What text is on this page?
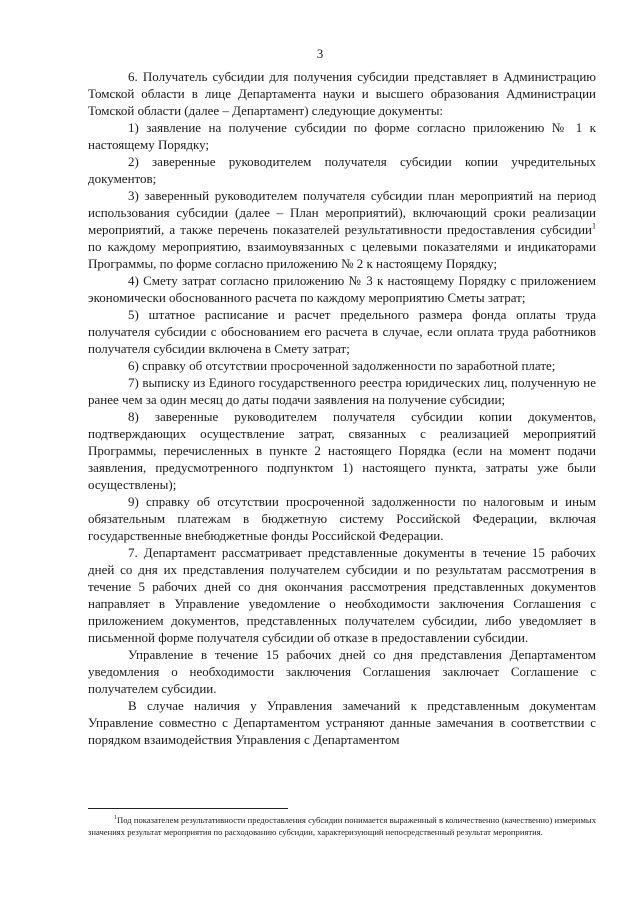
3

6. Получатель субсидии для получения субсидии представляет в Администрацию Томской области в лице Департамента науки и высшего образования Администрации Томской области (далее – Департамент) следующие документы:

1) заявление на получение субсидии по форме согласно приложению № 1 к настоящему Порядку;

2) заверенные руководителем получателя субсидии копии учредительных документов;

3) заверенный руководителем получателя субсидии план мероприятий на период использования субсидии (далее – План мероприятий), включающий сроки реализации мероприятий, а также перечень показателей результативности предоставления субсидии$^1$ по каждому мероприятию, взаимоувязанных с целевыми показателями и индикаторами Программы, по форме согласно приложению № 2 к настоящему Порядку;

4) Смету затрат согласно приложению № 3 к настоящему Порядку с приложением экономически обоснованного расчета по каждому мероприятию Сметы затрат;

5) штатное расписание и расчет предельного размера фонда оплаты труда получателя субсидии с обоснованием его расчета в случае, если оплата труда работников получателя субсидии включена в Смету затрат;

6) справку об отсутствии просроченной задолженности по заработной плате;

7) выписку из Единого государственного реестра юридических лиц, полученную не ранее чем за один месяц до даты подачи заявления на получение субсидии;

8) заверенные руководителем получателя субсидии копии документов, подтверждающих осуществление затрат, связанных с реализацией мероприятий Программы, перечисленных в пункте 2 настоящего Порядка (если на момент подачи заявления, предусмотренного подпунктом 1) настоящего пункта, затраты уже были осуществлены);

9) справку об отсутствии просроченной задолженности по налоговым и иным обязательным платежам в бюджетную систему Российской Федерации, включая государственные внебюджетные фонды Российской Федерации.

7. Департамент рассматривает представленные документы в течение 15 рабочих дней со дня их представления получателем субсидии и по результатам рассмотрения в течение 5 рабочих дней со дня окончания рассмотрения представленных документов направляет в Управление уведомление о необходимости заключения Соглашения с приложением документов, представленных получателем субсидии, либо уведомляет в письменной форме получателя субсидии об отказе в предоставлении субсидии.

Управление в течение 15 рабочих дней со дня представления Департаментом уведомления о необходимости заключения Соглашения заключает Соглашение с получателем субсидии.

В случае наличия у Управления замечаний к представленным документам Управление совместно с Департаментом устраняют данные замечания в соответствии с порядком взаимодействия Управления с Департаментом

$^1$Под показателем результативности предоставления субсидии понимается выраженный в количественно (качественно) измеримых значениях результат мероприятия по расходованию субсидии, характеризующий непосредственный результат мероприятия.
